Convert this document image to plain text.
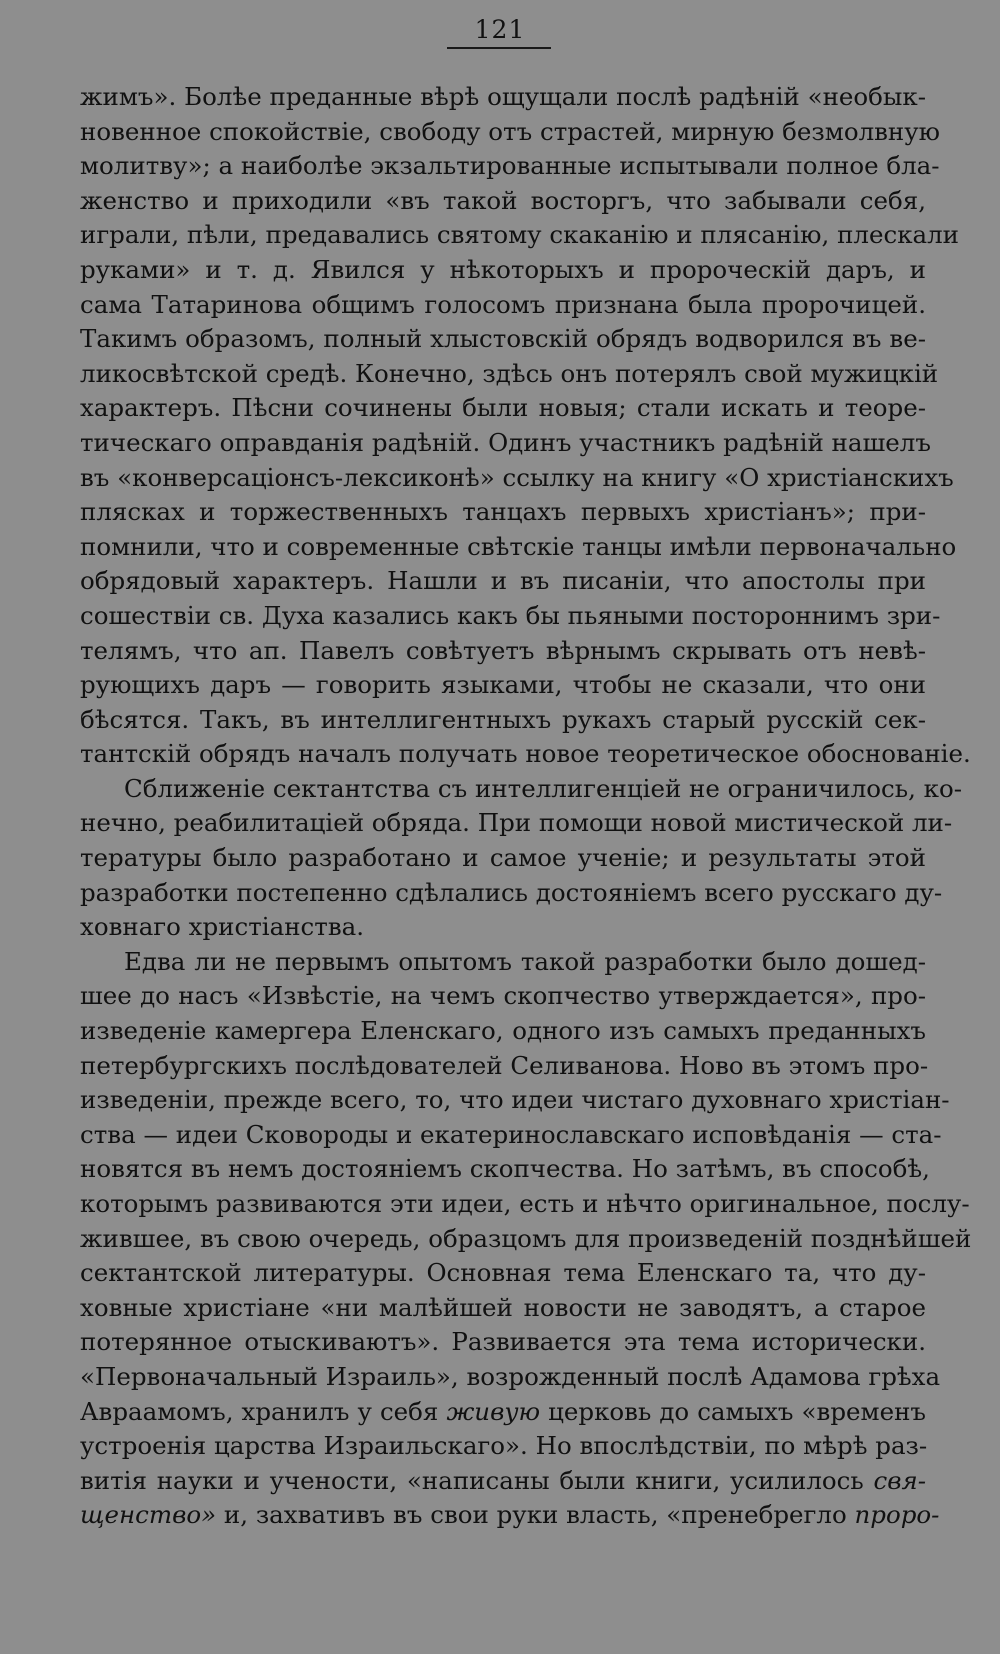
121
жимъ». Болѣе преданные вѣрѣ ощущали послѣ радѣній «необык-
новенное спокойствіе, свободу отъ страстей, мирную безмолвную
молитву»; а наиболѣе экзальтированные испытывали полное бла-
женство и приходили «въ такой восторгъ, что забывали себя,
играли, пѣли, предавались святому скаканію и плясанію, плескали
руками» и т. д. Явился у нѣкоторыхъ и пророческій даръ, и
сама Татаринова общимъ голосомъ признана была пророчицей.
Такимъ образомъ, полный хлыстовскій обрядъ водворился въ ве-
ликосвѣтской средѣ. Конечно, здѣсь онъ потерялъ свой мужицкій
характеръ. Пѣсни сочинены были новыя; стали искать и теоре-
тическаго оправданія радѣній. Одинъ участникъ радѣній нашелъ
въ «конверсаціонсъ-лексиконѣ» ссылку на книгу «О христіанскихъ
плясках и торжественныхъ танцахъ первыхъ христіанъ»; при-
помнили, что и современные свѣтскіе танцы имѣли первоначально
обрядовый характеръ. Нашли и въ писаніи, что апостолы при
сошествіи св. Духа казались какъ бы пьяными постороннимъ зри-
телямъ, что ап. Павелъ совѣтуетъ вѣрнымъ скрывать отъ невѣ-
рующихъ даръ — говорить языками, чтобы не сказали, что они
бѣсятся. Такъ, въ интеллигентныхъ рукахъ старый русскій сек-
тантскій обрядъ началъ получать новое теоретическое обоснованіе.
Сближеніе сектантства съ интеллигенціей не ограничилось, ко-
нечно, реабилитаціей обряда. При помощи новой мистической ли-
тературы было разработано и самое ученіе; и результаты этой
разработки постепенно сдѣлались достояніемъ всего русскаго ду-
ховнаго христіанства.
Едва ли не первымъ опытомъ такой разработки было дошед-
шее до насъ «Извѣстіе, на чемъ скопчество утверждается», про-
изведеніе камергера Еленскаго, одного изъ самыхъ преданныхъ
петербургскихъ послѣдователей Селиванова. Ново въ этомъ про-
изведеніи, прежде всего, то, что идеи чистаго духовнаго христіан-
ства — идеи Сковороды и екатеринославскаго исповѣданія — ста-
новятся въ немъ достояніемъ скопчества. Но затѣмъ, въ способѣ,
которымъ развиваются эти идеи, есть и нѣчто оригинальное, послу-
жившее, въ свою очередь, образцомъ для произведеній позднѣйшей
сектантской литературы. Основная тема Еленскаго та, что ду-
ховные христіане «ни малѣйшей новости не заводятъ, а старое
потерянное отыскиваютъ». Развивается эта тема исторически.
«Первоначальный Израиль», возрожденный послѣ Адамова грѣха
Авраамомъ, хранилъ у себя живую церковь до самыхъ «временъ
устроенія царства Израильскаго». Но впослѣдствіи, по мѣрѣ раз-
витія науки и учености, «написаны были книги, усилилось свя-
щенство» и, захвативъ въ свои руки власть, «пренебрегло проро-
